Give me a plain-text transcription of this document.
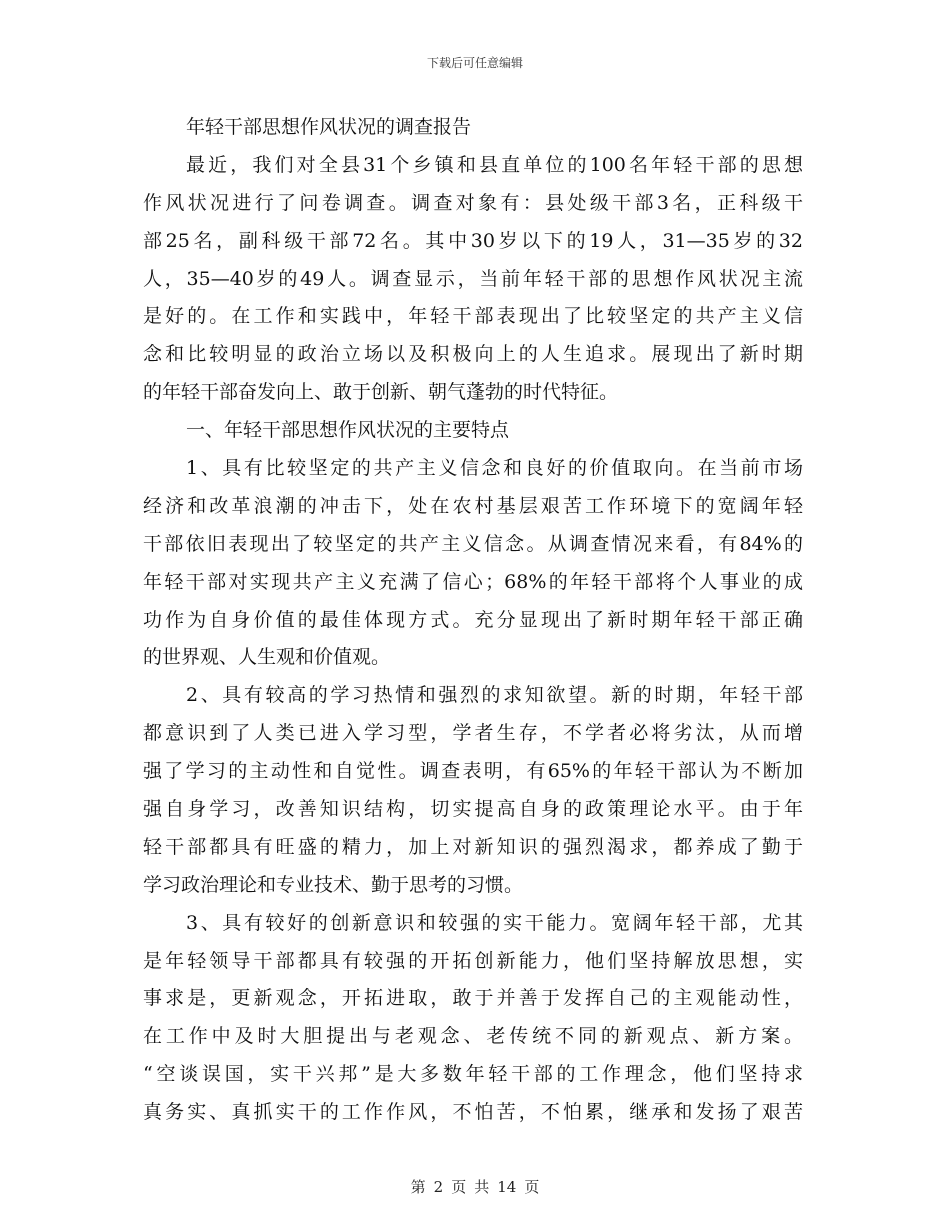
下载后可任意编辑
年轻干部思想作风状况的调查报告
最近，我们对全县31个乡镇和县直单位的100名年轻干部的思想
作风状况进行了问卷调查。调查对象有：县处级干部3名，正科级干
部25名，副科级干部72名。其中30岁以下的19人，31—35岁的32
人，35—40岁的49人。调查显示，当前年轻干部的思想作风状况主流
是好的。在工作和实践中，年轻干部表现出了比较坚定的共产主义信
念和比较明显的政治立场以及积极向上的人生追求。展现出了新时期
的年轻干部奋发向上、敢于创新、朝气蓬勃的时代特征。
一、年轻干部思想作风状况的主要特点
1、具有比较坚定的共产主义信念和良好的价值取向。在当前市场
经济和改革浪潮的冲击下，处在农村基层艰苦工作环境下的宽阔年轻
干部依旧表现出了较坚定的共产主义信念。从调查情况来看，有84%的
年轻干部对实现共产主义充满了信心；68%的年轻干部将个人事业的成
功作为自身价值的最佳体现方式。充分显现出了新时期年轻干部正确
的世界观、人生观和价值观。
2、具有较高的学习热情和强烈的求知欲望。新的时期，年轻干部
都意识到了人类已进入学习型，学者生存，不学者必将劣汰，从而增
强了学习的主动性和自觉性。调查表明，有65%的年轻干部认为不断加
强自身学习，改善知识结构，切实提高自身的政策理论水平。由于年
轻干部都具有旺盛的精力，加上对新知识的强烈渴求，都养成了勤于
学习政治理论和专业技术、勤于思考的习惯。
3、具有较好的创新意识和较强的实干能力。宽阔年轻干部，尤其
是年轻领导干部都具有较强的开拓创新能力，他们坚持解放思想，实
事求是，更新观念，开拓进取，敢于并善于发挥自己的主观能动性，
在工作中及时大胆提出与老观念、老传统不同的新观点、新方案。
“空谈误国，实干兴邦”是大多数年轻干部的工作理念，他们坚持求
真务实、真抓实干的工作作风，不怕苦，不怕累，继承和发扬了艰苦
第 2 页 共 14 页
